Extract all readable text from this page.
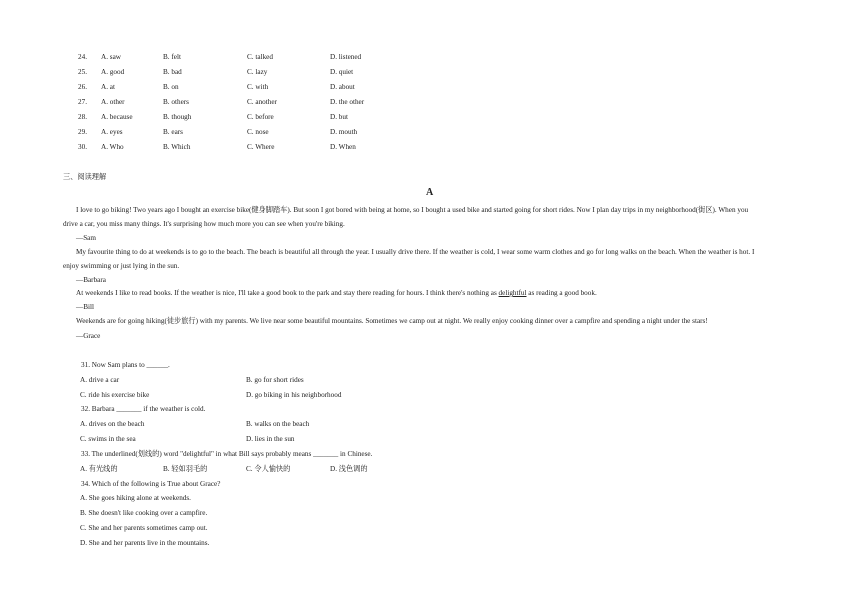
24. A. saw	B. felt	C. talked	D. listened
25. A. good	B. bad	C. lazy	D. quiet
26. A. at	B. on	C. with	D. about
27. A. other	B. others	C. another	D. the other
28. A. because	B. though	C. before	D. but
29. A. eyes	B. ears	C. nose	D. mouth
30. A. Who	B. Which	C. Where	D. When
三、阅读理解
A
I love to go biking! Two years ago I bought an exercise bike(健身脚踏车). But soon I got bored with being at home, so I bought a used bike and started going for short rides. Now I plan day trips in my neighborhood(街区). When you
drive a car, you miss many things. It's surprising how much more you can see when you're biking.
—Sam
My favourite thing to do at weekends is to go to the beach. The beach is beautiful all through the year. I usually drive there. If the weather is cold, I wear some warm clothes and go for long walks on the beach. When the weather is hot. I
enjoy swimming or just lying in the sun.
—Barbara
At weekends I like to read books. If the weather is nice, I'll take a good book to the park and stay there reading for hours. I think there's nothing as delightful as reading a good book.
—Bill
Weekends are for going hiking(徒步旅行) with my parents. We live near some beautiful mountains. Sometimes we camp out at night. We really enjoy cooking dinner over a campfire and spending a night under the stars!
—Grace
31. Now Sam plans to ______.
A. drive a car	B. go for short rides
C. ride his exercise bike	D. go biking in his neighborhood
32. Barbara _______ if the weather is cold.
A. drives on the beach	B. walks on the beach
C. swims in the sea	D. lies in the sun
33. The underlined(划线的) word "delightful" in what Bill says probably means _______ in Chinese.
A. 有光线的	B. 轻如羽毛的	C. 令人愉快的	D. 浅色调的
34. Which of the following is True about Grace?
A. She goes hiking alone at weekends.
B. She doesn't like cooking over a campfire.
C. She and her parents sometimes camp out.
D. She and her parents live in the mountains.
